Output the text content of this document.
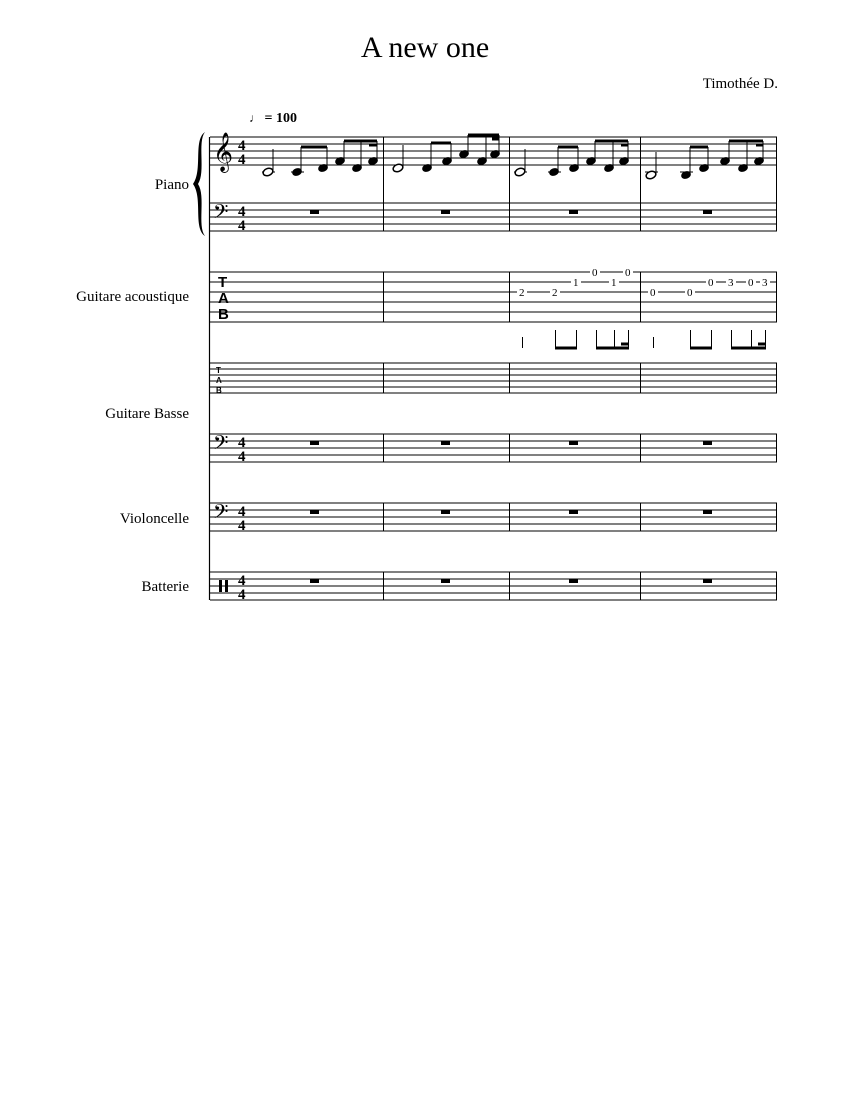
A new one
Timothée D.
♩ = 100
Piano
Guitare acoustique
Guitare Basse
Violoncelle
Batterie
𝄞
𝄢
𝄢
𝄢
T
A
B
T
A
B
4
4
4
4
4
4
4
4
4
4
2	2
1
0
1
0
0	0
0 3 0 3
